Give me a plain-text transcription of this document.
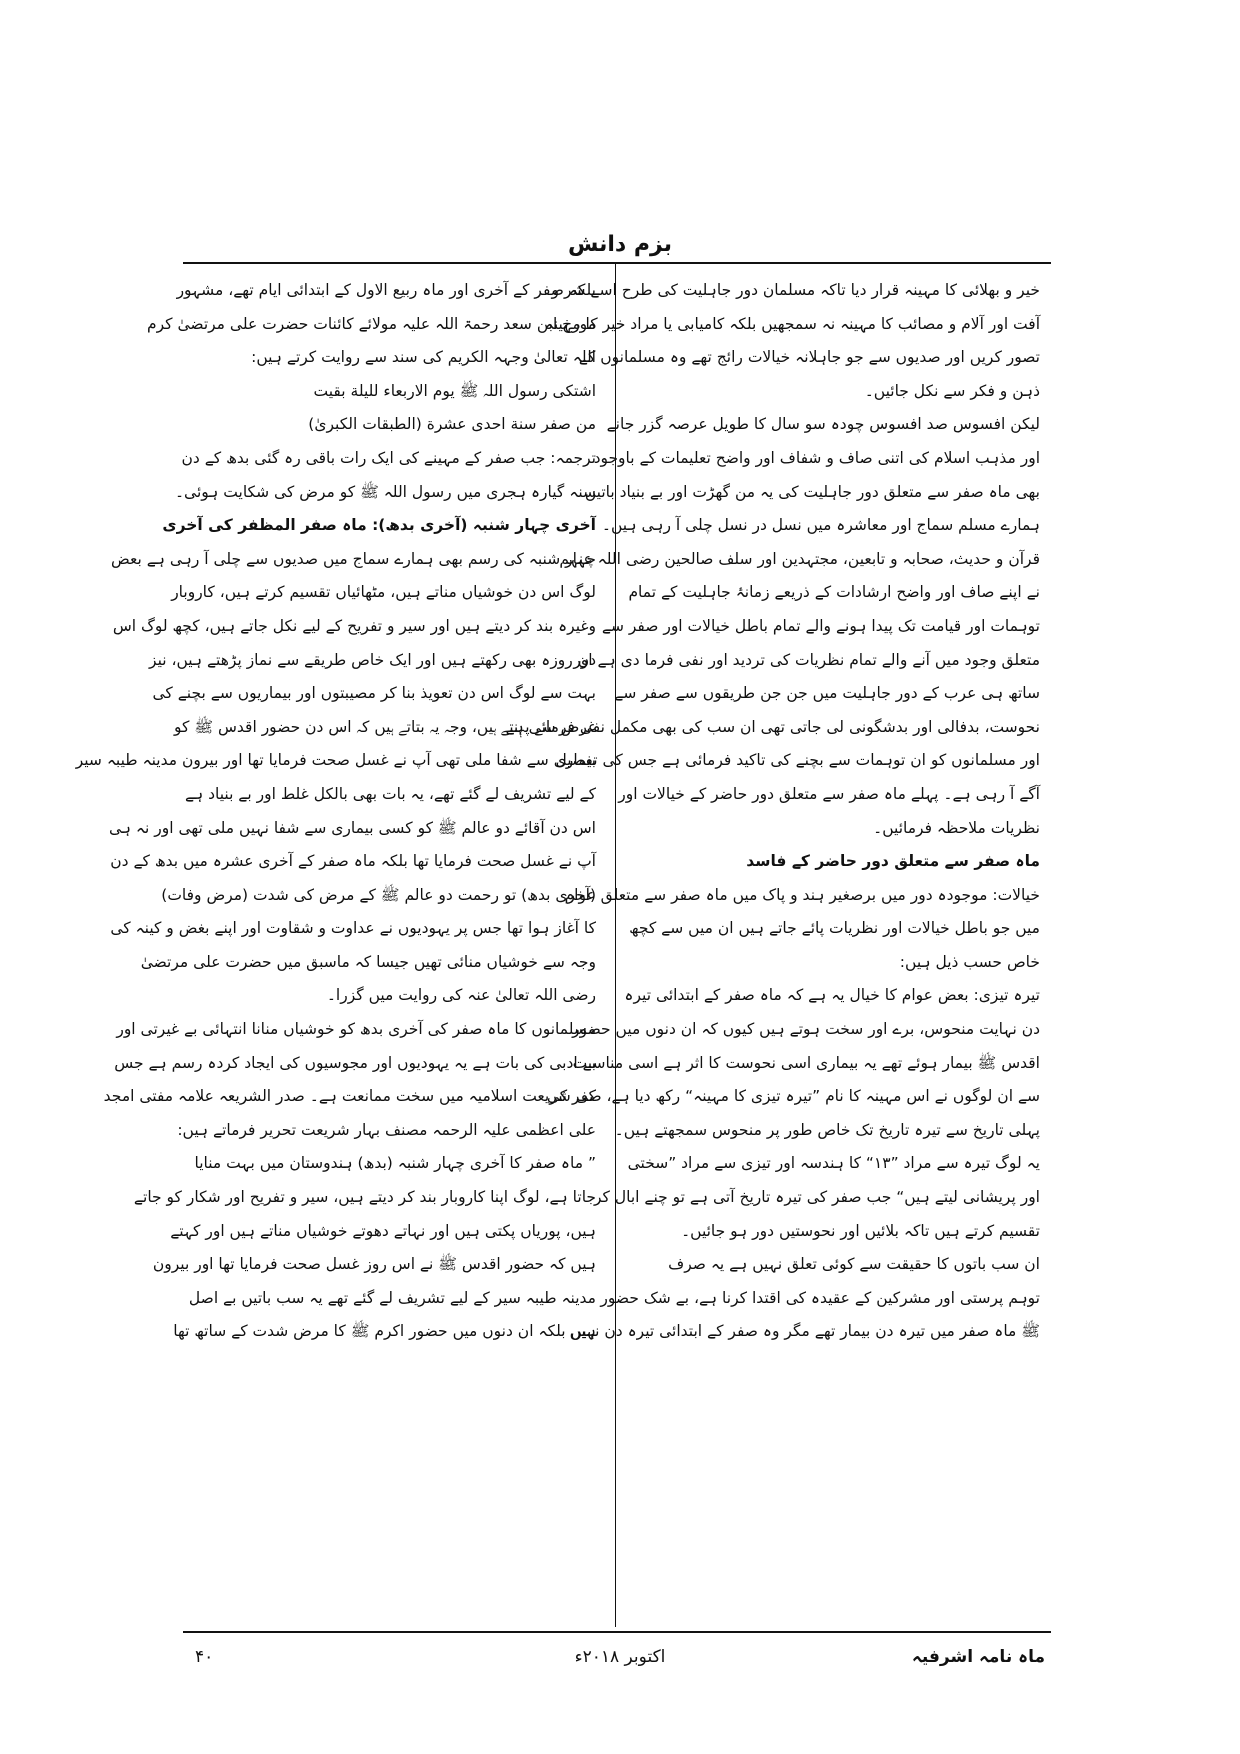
بزم دانش
خیر و بھلائی کا مہینہ قرار دیا تاکہ مسلمان دور جاہلیت کی طرح اسے شر و
آفت اور آلام و مصائب کا مہینہ نہ سمجھیں بلکہ کامیابی یا مراد خیر کا مہینہ
تصور کریں اور صدیوں سے جو جاہلانہ خیالات رائج تھے وہ مسلمانوں کے
ذہن و فکر سے نکل جائیں۔
لیکن افسوس صد افسوس چودہ سو سال کا طویل عرصہ گزر جانے
اور مذہب اسلام کی اتنی صاف و شفاف اور واضح تعلیمات کے باوجود
بھی ماہ صفر سے متعلق دور جاہلیت کی یہ من گھڑت اور بے بنیاد باتیں
ہمارے مسلم سماج اور معاشرہ میں نسل در نسل چلی آ رہی ہیں۔
قرآن و حدیث، صحابہ و تابعین، مجتہدین اور سلف صالحین رضی اللہ عنہم
نے اپنے صاف اور واضح ارشادات کے ذریعے زمانۂ جاہلیت کے تمام
توہمات اور قیامت تک پیدا ہونے والے تمام باطل خیالات اور صفر سے
متعلق وجود میں آنے والے تمام نظریات کی تردید اور نفی فرما دی ہے اور
ساتھ ہی عرب کے دور جاہلیت میں جن جن طریقوں سے صفر سے
نحوست، بدفالی اور بدشگونی لی جاتی تھی ان سب کی بھی مکمل نفی فرمائی ہے
اور مسلمانوں کو ان توہمات سے بچنے کی تاکید فرمائی ہے جس کی تفصیل
آگے آ رہی ہے۔ پہلے ماہ صفر سے متعلق دور حاضر کے خیالات اور
نظریات ملاحظہ فرمائیں۔
ماہ صفر سے متعلق دور حاضر کے فاسد
خیالات: موجودہ دور میں برصغیر ہند و پاک میں ماہ صفر سے متعلق عوام
میں جو باطل خیالات اور نظریات پائے جاتے ہیں ان میں سے کچھ
خاص حسب ذیل ہیں:
تیرہ تیزی: بعض عوام کا خیال یہ ہے کہ ماہ صفر کے ابتدائی تیرہ
دن نہایت منحوس، برے اور سخت ہوتے ہیں کیوں کہ ان دنوں میں حضور
اقدس ﷺ بیمار ہوئے تھے یہ بیماری اسی نحوست کا اثر ہے اسی مناسبت
سے ان لوگوں نے اس مہینہ کا نام ”تیرہ تیزی کا مہینہ“ رکھ دیا ہے، صفر کی
پہلی تاریخ سے تیرہ تاریخ تک خاص طور پر منحوس سمجھتے ہیں۔
یہ لوگ تیرہ سے مراد ”۱۳“ کا ہندسہ اور تیزی سے مراد ”سختی
اور پریشانی لیتے ہیں“ جب صفر کی تیرہ تاریخ آتی ہے تو چنے ابال کر
تقسیم کرتے ہیں تاکہ بلائیں اور نحوستیں دور ہو جائیں۔
ان سب باتوں کا حقیقت سے کوئی تعلق نہیں ہے یہ صرف
توہم پرستی اور مشرکین کے عقیدہ کی اقتدا کرنا ہے، بے شک حضور
ﷺ ماہ صفر میں تیرہ دن بیمار تھے مگر وہ صفر کے ابتدائی تیرہ دن نہیں
بلکہ صفر کے آخری اور ماہ ربیع الاول کے ابتدائی ایام تھے، مشہور
مورخ ابن سعد رحمۃ اللہ علیہ مولائے کائنات حضرت علی مرتضیٰ کرم
اللہ تعالیٰ وجہہ الکریم کی سند سے روایت کرتے ہیں:
اشتکی رسول اللہ ﷺ یوم الاربعاء للیلة بقیت
من صفر سنة احدی عشرة (الطبقات الکبریٰ)
ترجمہ: جب صفر کے مہینے کی ایک رات باقی رہ گئی بدھ کے دن
سنہ گیارہ ہجری میں رسول اللہ ﷺ کو مرض کی شکایت ہوئی۔
آخری چہار شنبہ (آخری بدھ): ماہ صفر المظفر کی آخری
چہار شنبہ کی رسم بھی ہمارے سماج میں صدیوں سے چلی آ رہی ہے بعض
لوگ اس دن خوشیاں مناتے ہیں، مٹھائیاں تقسیم کرتے ہیں، کاروبار
وغیرہ بند کر دیتے ہیں اور سیر و تفریح کے لیے نکل جاتے ہیں، کچھ لوگ اس
دن روزہ بھی رکھتے ہیں اور ایک خاص طریقے سے نماز پڑھتے ہیں، نیز
بہت سے لوگ اس دن تعویذ بنا کر مصیبتوں اور بیماریوں سے بچنے کی
غرض سے پہنتے ہیں، وجہ یہ بتاتے ہیں کہ اس دن حضور اقدس ﷺ کو
بیماری سے شفا ملی تھی آپ نے غسل صحت فرمایا تھا اور بیرون مدینہ طیبہ سیر
کے لیے تشریف لے گئے تھے، یہ بات بھی بالکل غلط اور بے بنیاد ہے
اس دن آقائے دو عالم ﷺ کو کسی بیماری سے شفا نہیں ملی تھی اور نہ ہی
آپ نے غسل صحت فرمایا تھا بلکہ ماہ صفر کے آخری عشرہ میں بدھ کے دن
(آخری بدھ) تو رحمت دو عالم ﷺ کے مرض کی شدت (مرض وفات)
کا آغاز ہوا تھا جس پر یہودیوں نے عداوت و شقاوت اور اپنے بغض و کینہ کی
وجہ سے خوشیاں منائی تھیں جیسا کہ ماسبق میں حضرت علی مرتضیٰ
رضی اللہ تعالیٰ عنہ کی روایت میں گزرا۔
مسلمانوں کا ماہ صفر کی آخری بدھ کو خوشیاں منانا انتہائی بے غیرتی اور
بے ادبی کی بات ہے یہ یہودیوں اور مجوسیوں کی ایجاد کردہ رسم ہے جس
کی شریعت اسلامیہ میں سخت ممانعت ہے۔ صدر الشریعہ علامہ مفتی امجد
علی اعظمی علیہ الرحمہ مصنف بہار شریعت تحریر فرماتے ہیں:
” ماہ صفر کا آخری چہار شنبہ (بدھ) ہندوستان میں بہت منایا
جاتا ہے، لوگ اپنا کاروبار بند کر دیتے ہیں، سیر و تفریح اور شکار کو جاتے
ہیں، پوریاں پکتی ہیں اور نہاتے دھوتے خوشیاں مناتے ہیں اور کہتے
ہیں کہ حضور اقدس ﷺ نے اس روز غسل صحت فرمایا تھا اور بیرون
مدینہ طیبہ سیر کے لیے تشریف لے گئے تھے یہ سب باتیں بے اصل
ہیں بلکہ ان دنوں میں حضور اکرم ﷺ کا مرض شدت کے ساتھ تھا
ماہ نامہ اشرفیہ
اکتوبر ۲۰۱۸ء
۴۰
